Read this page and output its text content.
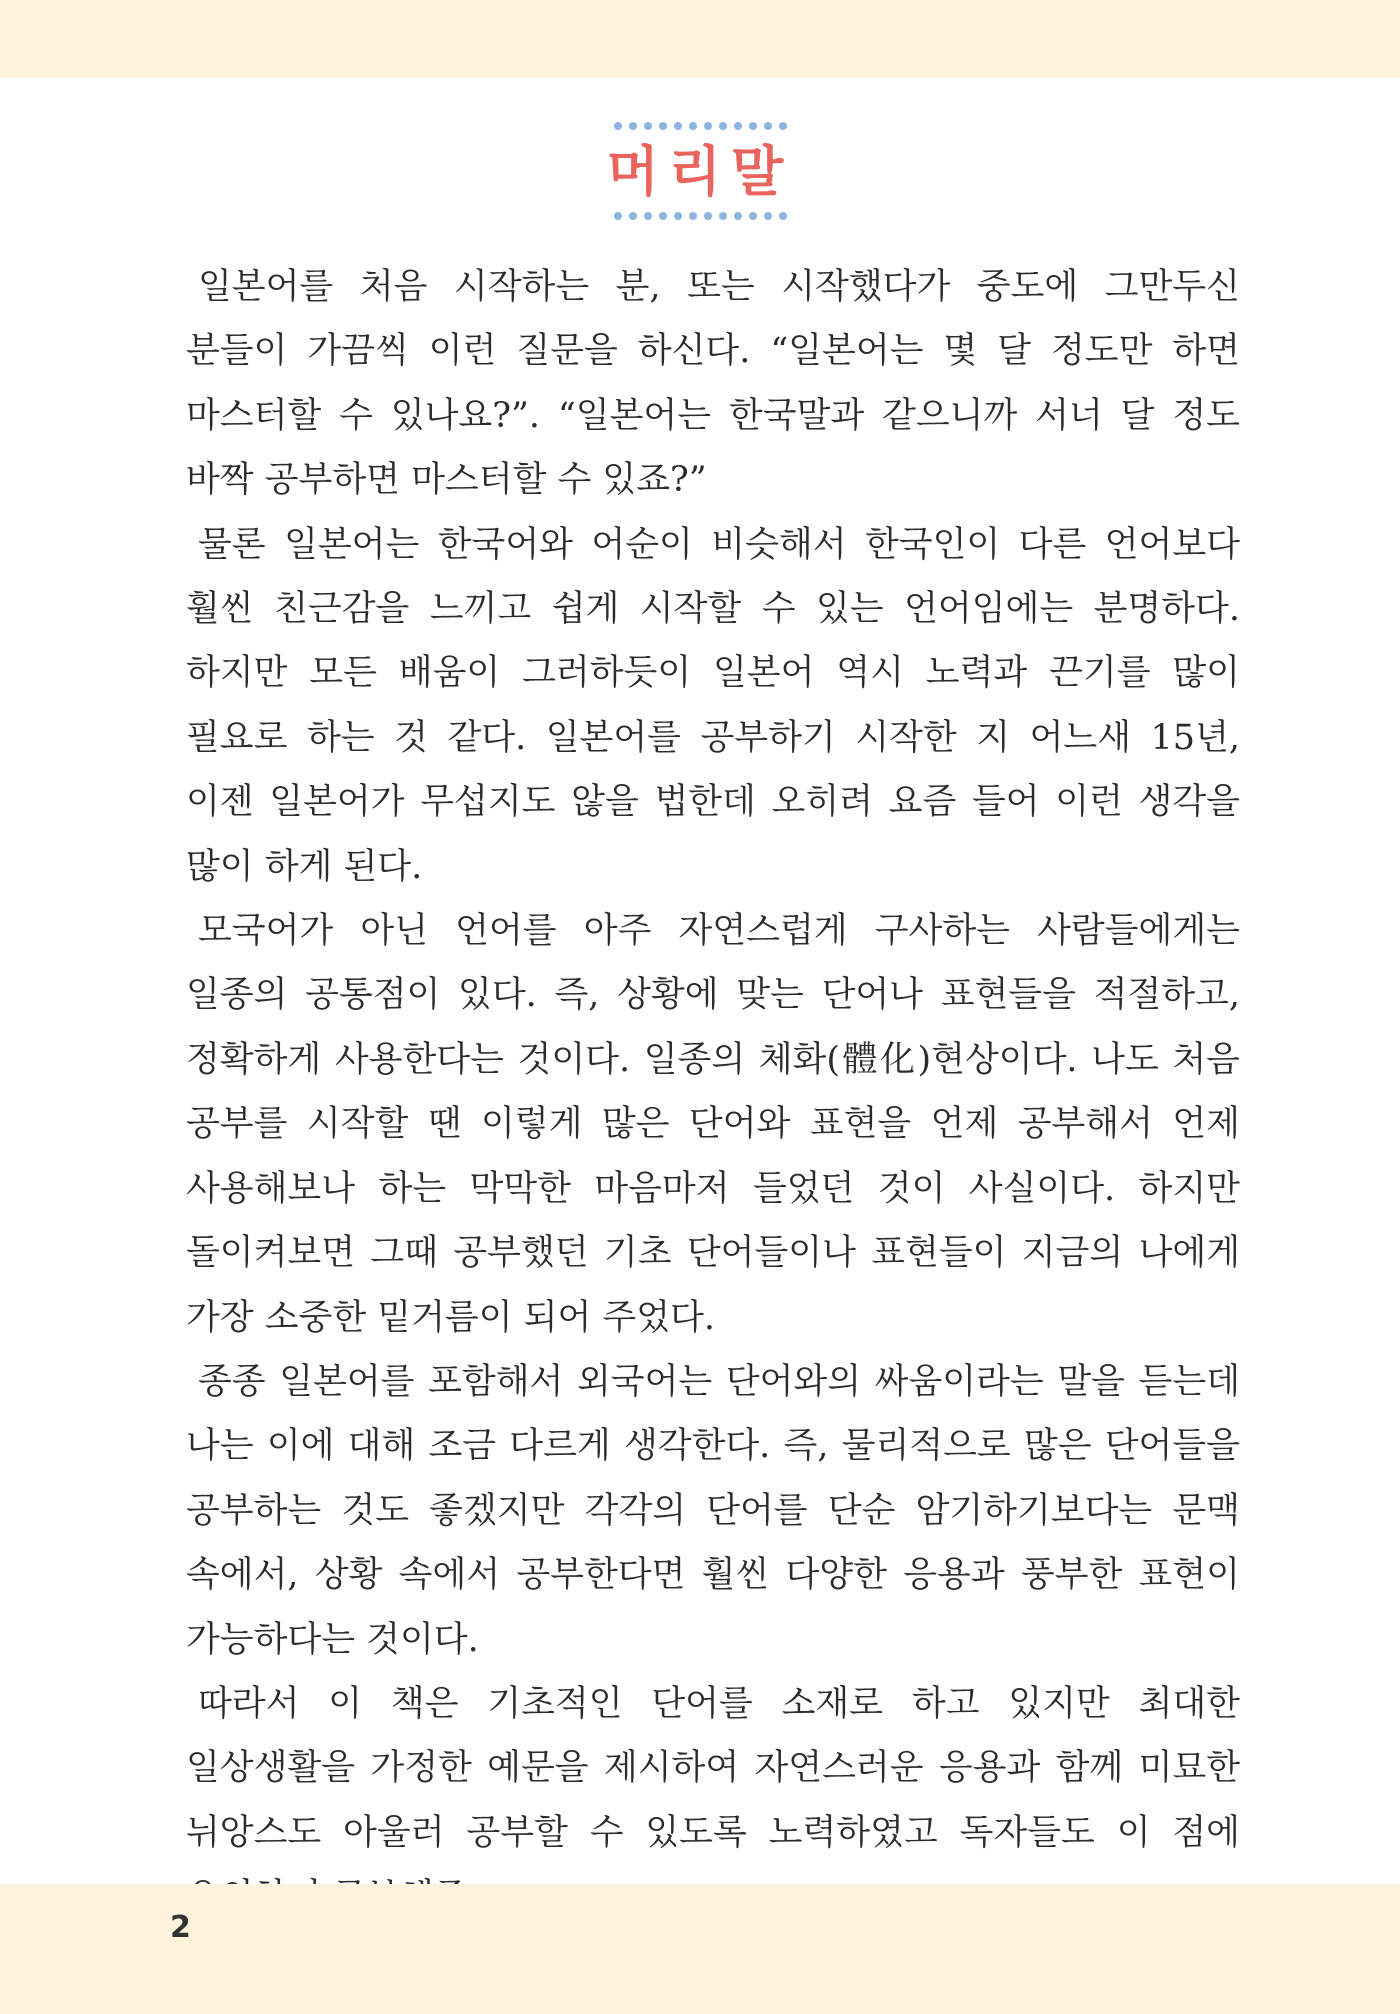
머리말

일본어를 처음 시작하는 분, 또는 시작했다가 중도에 그만두신 분들이 가끔씩 이런 질문을 하신다. “일본어는 몇 달 정도만 하면 마스터할 수 있나요?”. “일본어는 한국말과 같으니까 서너 달 정도 바짝 공부하면 마스터할 수 있죠?”

물론 일본어는 한국어와 어순이 비슷해서 한국인이 다른 언어보다 훨씬 친근감을 느끼고 쉽게 시작할 수 있는 언어임에는 분명하다. 하지만 모든 배움이 그러하듯이 일본어 역시 노력과 끈기를 많이 필요로 하는 것 같다. 일본어를 공부하기 시작한 지 어느새 15년, 이젠 일본어가 무섭지도 않을 법한데 오히려 요즘 들어 이런 생각을 많이 하게 된다.

모국어가 아닌 언어를 아주 자연스럽게 구사하는 사람들에게는 일종의 공통점이 있다. 즉, 상황에 맞는 단어나 표현들을 적절하고, 정확하게 사용한다는 것이다. 일종의 체화(體化)현상이다. 나도 처음 공부를 시작할 땐 이렇게 많은 단어와 표현을 언제 공부해서 언제 사용해보나 하는 막막한 마음마저 들었던 것이 사실이다. 하지만 돌이켜보면 그때 공부했던 기초 단어들이나 표현들이 지금의 나에게 가장 소중한 밑거름이 되어 주었다.

종종 일본어를 포함해서 외국어는 단어와의 싸움이라는 말을 듣는데 나는 이에 대해 조금 다르게 생각한다. 즉, 물리적으로 많은 단어들을 공부하는 것도 좋겠지만 각각의 단어를 단순 암기하기보다는 문맥 속에서, 상황 속에서 공부한다면 훨씬 다양한 응용과 풍부한 표현이 가능하다는 것이다.

따라서 이 책은 기초적인 단어를 소재로 하고 있지만 최대한 일상생활을 가정한 예문을 제시하여 자연스러운 응용과 함께 미묘한 뉘앙스도 아울러 공부할 수 있도록 노력하였고 독자들도 이 점에

2
